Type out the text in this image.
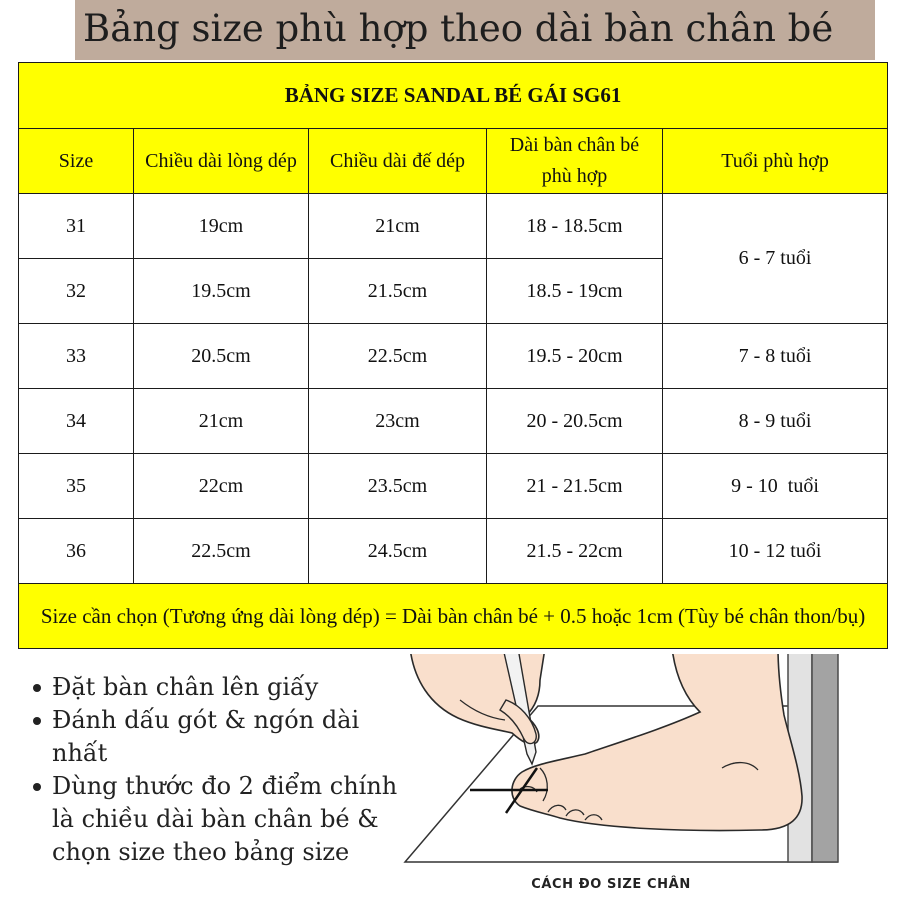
Bảng size phù hợp theo dài bàn chân bé
BẢNG SIZE SANDAL BÉ GÁI SG61				
Size	Chiều dài lòng dép	Chiều dài đế dép	Dài bàn chân bé phù hợp	Tuổi phù hợp
31	19cm	21cm	18 - 18.5cm	6 - 7 tuổi
32	19.5cm	21.5cm	18.5 - 19cm	
33	20.5cm	22.5cm	19.5 - 20cm	7 - 8 tuổi
34	21cm	23cm	20 - 20.5cm	8 - 9 tuổi
35	22cm	23.5cm	21 - 21.5cm	9 - 10  tuổi
36	22.5cm	24.5cm	21.5 - 22cm	10 - 12 tuổi
Size cần chọn (Tương ứng dài lòng dép) = Dài bàn chân bé + 0.5 hoặc 1cm (Tùy bé chân thon/bụ)				
Đặt bàn chân lên giấy
Đánh dấu gót & ngón dài nhất
Dùng thước đo 2 điểm chính là chiều dài bàn chân bé & chọn size theo bảng size
CÁCH ĐO SIZE CHÂN
